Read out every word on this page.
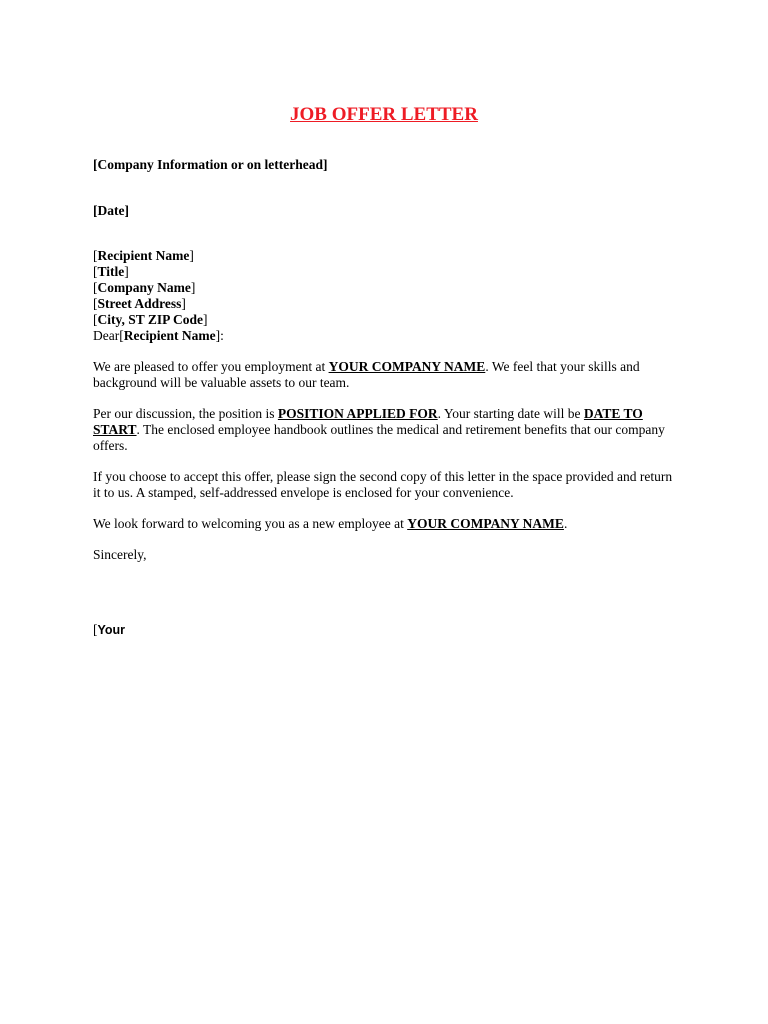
JOB OFFER LETTER
[Company Information or on letterhead]
[Date]
[Recipient Name]
[Title]
[Company Name]
[Street Address]
[City, ST ZIP Code]
Dear[Recipient Name]:

We are pleased to offer you employment at YOUR COMPANY NAME. We feel that your skills and background will be valuable assets to our team.

Per our discussion, the position is POSITION APPLIED FOR. Your starting date will be DATE TO START. The enclosed employee handbook outlines the medical and retirement benefits that our company offers.

If you choose to accept this offer, please sign the second copy of this letter in the space provided and return it to us. A stamped, self-addressed envelope is enclosed for your convenience.

We look forward to welcoming you as a new employee at YOUR COMPANY NAME.

Sincerely,
[Your
